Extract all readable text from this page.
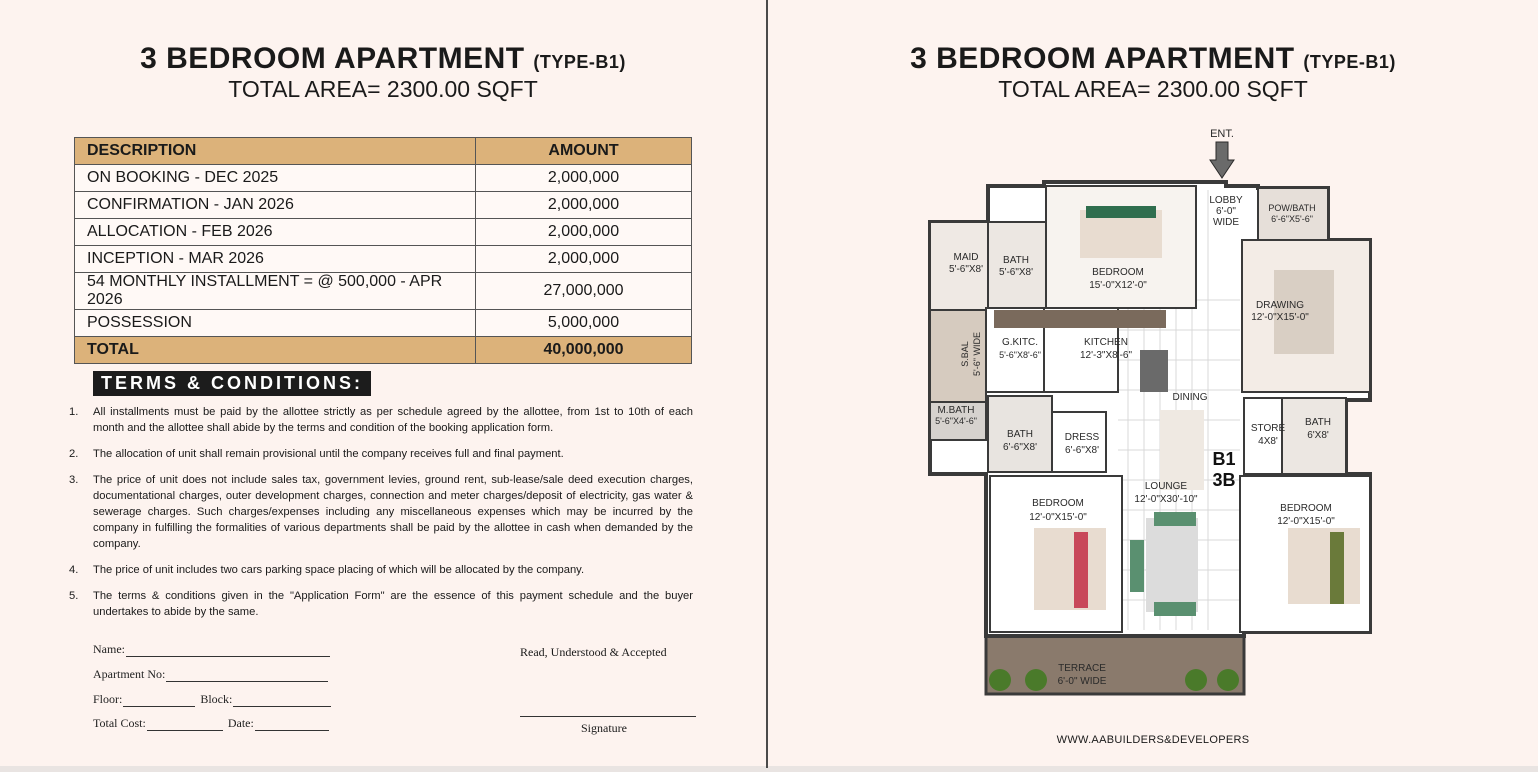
3 BEDROOM APARTMENT (TYPE-B1)
TOTAL AREA= 2300.00 SQFT
DESCRIPTION	AMOUNT
ON BOOKING - DEC 2025	2,000,000
CONFIRMATION - JAN 2026	2,000,000
ALLOCATION - FEB 2026	2,000,000
INCEPTION - MAR 2026	2,000,000
54 MONTHLY INSTALLMENT = @ 500,000 - APR 2026	27,000,000
POSSESSION	5,000,000
TOTAL	40,000,000
TERMS & CONDITIONS:
1. All installments must be paid by the allottee strictly as per schedule agreed by the allottee, from 1st to 10th of each month and the allottee shall abide by the terms and condition of the booking application form.
2. The allocation of unit shall remain provisional until the company receives full and final payment.
3. The price of unit does not include sales tax, government levies, ground rent, sub-lease/sale deed execution charges, documentational charges, outer development charges, connection and meter charges/deposit of electricity, gas water & sewerage charges. Such charges/expenses including any miscellaneous expenses which may be incurred by the company in fulfilling the formalities of various departments shall be paid by the allottee in cash when demanded by the company.
4. The price of unit includes two cars parking space placing of which will be allocated by the company.
5. The terms & conditions given in the "Application Form" are the essence of this payment schedule and the buyer undertakes to abide by the same.
Name:
Apartment No:
Floor:	Block:
Total Cost:	Date:
Read, Understood & Accepted
Signature
3 BEDROOM APARTMENT (TYPE-B1)
TOTAL AREA= 2300.00 SQFT
ENT.
LOBBY
6'-0"
WIDE
POW/BATH
6'-6"X5'-6"
MAID
5'-6"X8'
BATH
5'-6"X8'	BEDROOM
15'-0"X12'-0"
DRAWING
12'-0"X15'-0"
S.BAL 5'-6" WIDE G.KITC.
5'-6"X8'-6"
KITCHEN
12'-3"X8'-6"
DINING
M.BATH
5'-6"X4'-6"
BATH
6'-6"X8'
DRESS
6'-6"X8'
STORE
4X8'
BATH
6'X8'
B1
3B
LOUNGE
12'-0"X30'-10"
BEDROOM
12'-0"X15'-0"
BEDROOM
12'-0"X15'-0"
TERRACE
6'-0" WIDE
WWW.AABUILDERS&DEVELOPERS
